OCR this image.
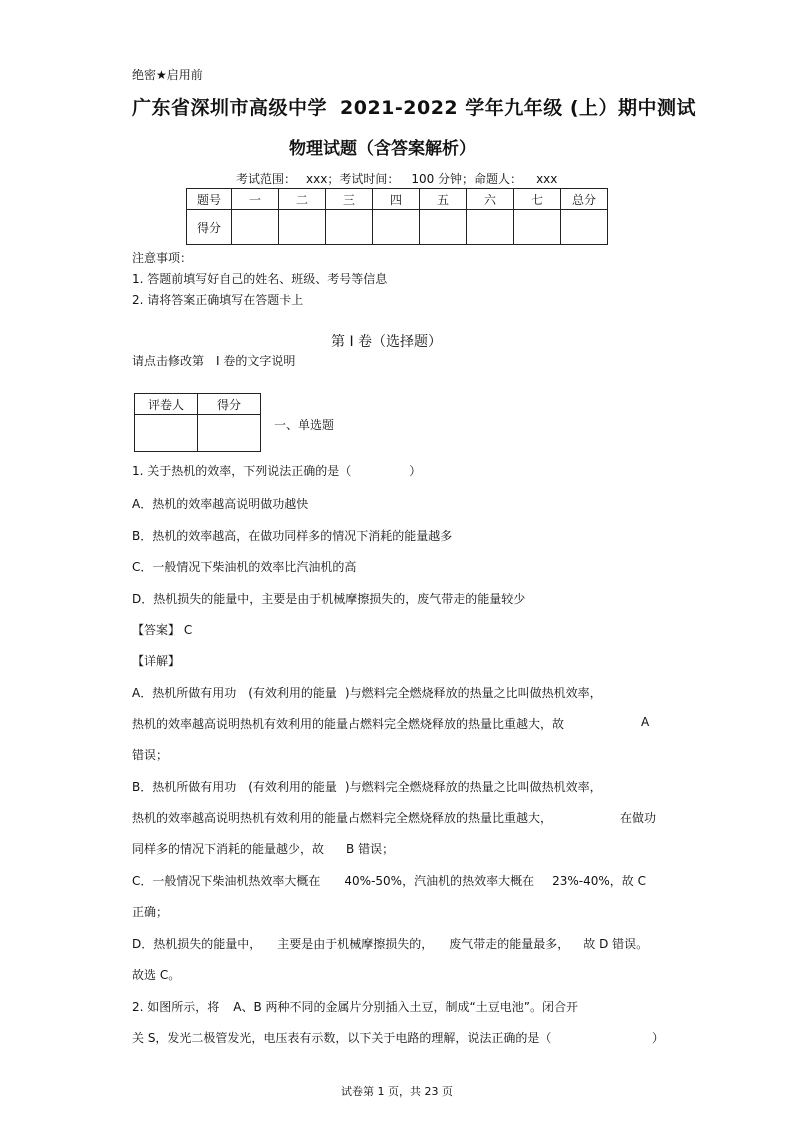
绝密★启用前
广东省深圳市高级中学 2021-2022 学年九年级 (上）期中测试
物理试题（含答案解析）
考试范围： xxx；考试时间： 100 分钟；命题人： xxx
题号	一	二	三	四	五	六	七	总分
得分								
注意事项：
1. 答题前填写好自己的姓名、班级、考号等信息
2. 请将答案正确填写在答题卡上
第 I 卷（选择题）
请点击修改第 I 卷的文字说明
评卷人	得分

一、单选题
1. 关于热机的效率，下列说法正确的是（	）
A．热机的效率越高说明做功越快
B．热机的效率越高，在做功同样多的情况下消耗的能量越多
C．一般情况下柴油机的效率比汽油机的高
D．热机损失的能量中，主要是由于机械摩擦损失的，废气带走的能量较少
【答案】 C
【详解】
A．热机所做有用功 (有效利用的能量 )与燃料完全燃烧释放的热量之比叫做热机效率，
热机的效率越高说明热机有效利用的能量占燃料完全燃烧释放的热量比重越大，故	A
错误；
B．热机所做有用功 (有效利用的能量 )与燃料完全燃烧释放的热量之比叫做热机效率，
热机的效率越高说明热机有效利用的能量占燃料完全燃烧释放的热量比重越大，	在做功
同样多的情况下消耗的能量越少，故 B 错误；
C．一般情况下柴油机热效率大概在 40%-50%，汽油机的热效率大概在 23%-40%，故 C
正确；
D．热机损失的能量中， 主要是由于机械摩擦损失的， 废气带走的能量最多， 故 D 错误。
故选 C。
2. 如图所示，将 A、B 两种不同的金属片分别插入土豆，制成“土豆电池”。闭合开
关 S，发光二极管发光，电压表有示数，以下关于电路的理解，说法正确的是（	）
试卷第 1 页，共 23 页
